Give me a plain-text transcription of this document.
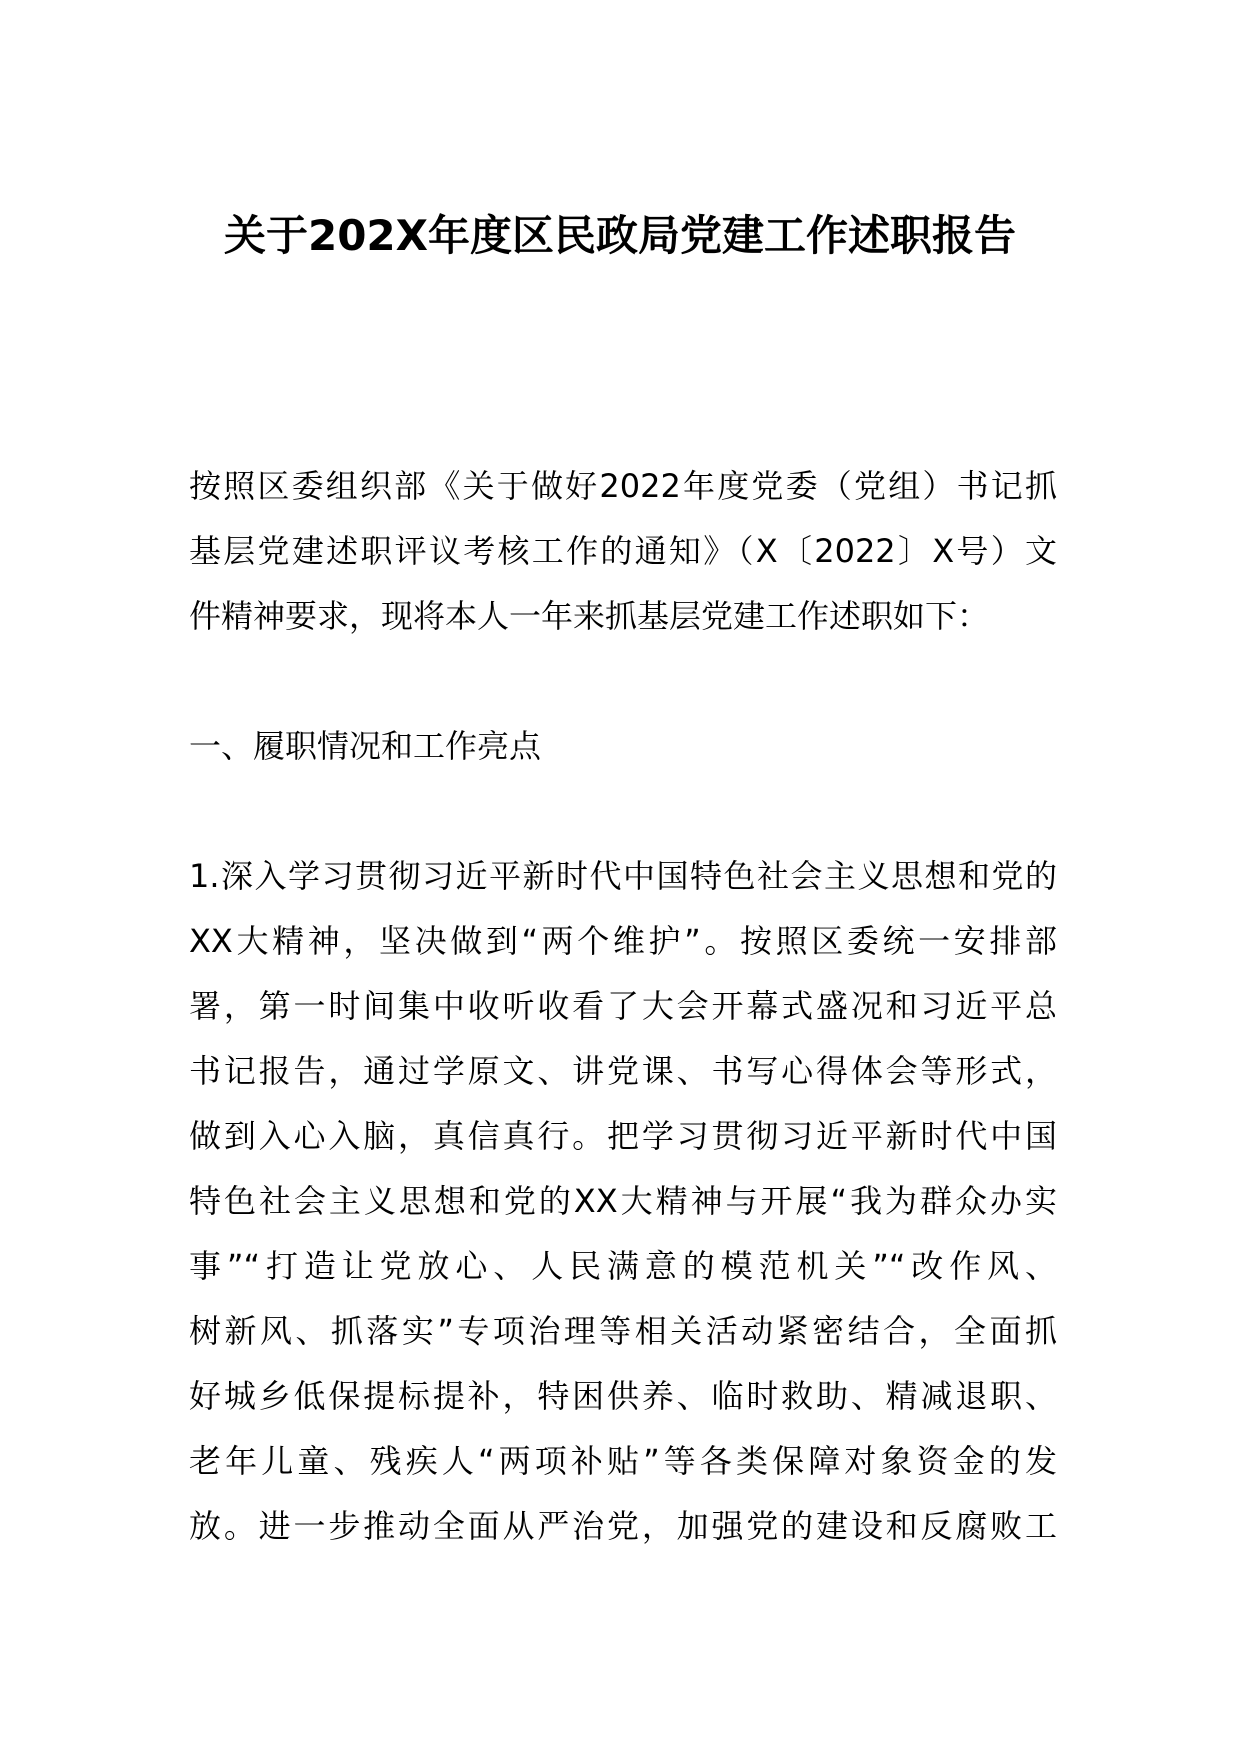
关于202X年度区民政局党建工作述职报告
按照区委组织部《关于做好2022年度党委（党组）书记抓
基层党建述职评议考核工作的通知》（X〔2022〕X号）文
件精神要求，现将本人一年来抓基层党建工作述职如下：
一、履职情况和工作亮点
1.深入学习贯彻习近平新时代中国特色社会主义思想和党的
XX大精神，坚决做到“两个维护”。按照区委统一安排部
署，第一时间集中收听收看了大会开幕式盛况和习近平总
书记报告，通过学原文、讲党课、书写心得体会等形式，
做到入心入脑，真信真行。把学习贯彻习近平新时代中国
特色社会主义思想和党的XX大精神与开展“我为群众办实
事”“打造让党放心、人民满意的模范机关”“改作风、
树新风、抓落实”专项治理等相关活动紧密结合，全面抓
好城乡低保提标提补，特困供养、临时救助、精减退职、
老年儿童、残疾人“两项补贴”等各类保障对象资金的发
放。进一步推动全面从严治党，加强党的建设和反腐败工
